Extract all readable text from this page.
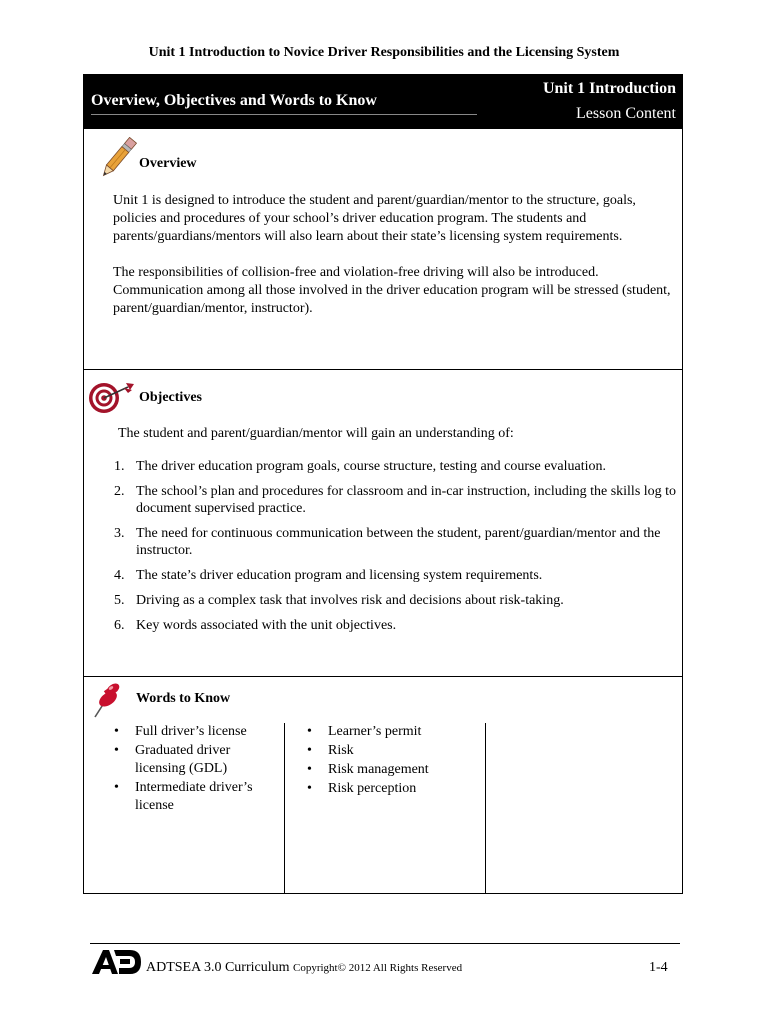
Unit 1 Introduction to Novice Driver Responsibilities and the Licensing System
Overview, Objectives and Words to Know
Unit 1 Introduction
Lesson Content
Overview

Unit 1 is designed to introduce the student and parent/guardian/mentor to the structure, goals, policies and procedures of your school’s driver education program. The students and parents/guardians/mentors will also learn about their state’s licensing system requirements.

The responsibilities of collision-free and violation-free driving will also be introduced. Communication among all those involved in the driver education program will be stressed (student, parent/guardian/mentor, instructor).

Objectives

The student and parent/guardian/mentor will gain an understanding of:

1. The driver education program goals, course structure, testing and course evaluation.
2. The school’s plan and procedures for classroom and in-car instruction, including the skills log to document supervised practice.
3. The need for continuous communication between the student, parent/guardian/mentor and the instructor.
4. The state’s driver education program and licensing system requirements.
5. Driving as a complex task that involves risk and decisions about risk-taking.
6. Key words associated with the unit objectives.
Words to Know
• Full driver’s license
• Graduated driver licensing (GDL)
• Intermediate driver’s license
• Learner’s permit
• Risk
• Risk management
• Risk perception
ADTSEA 3.0 Curriculum Copyright© 2012 All Rights Reserved	1-4
